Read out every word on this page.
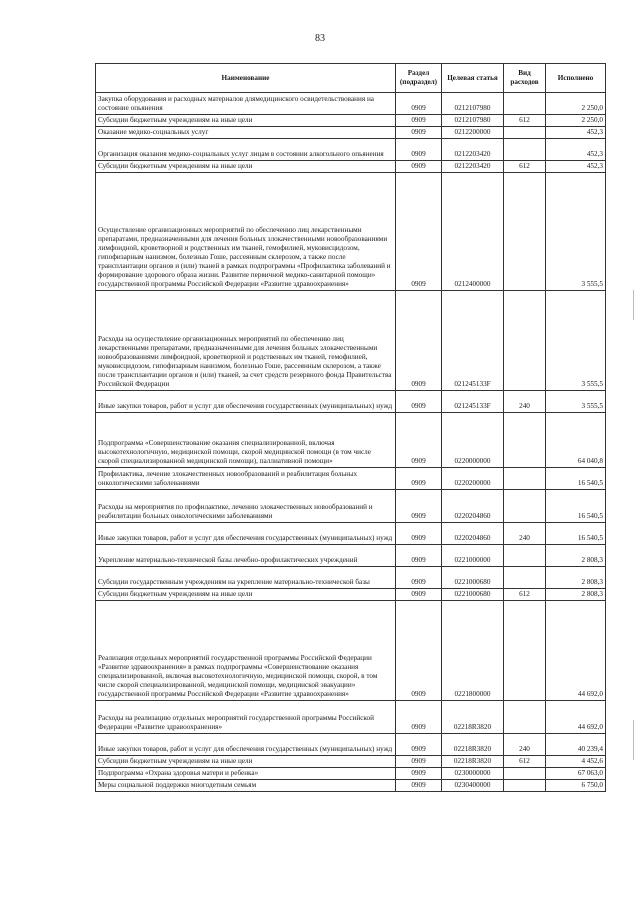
83
Наименование	Раздел (подраздел)	Целевая статья	Вид расходов	Исполнено
Закупка оборудования и расходных материалов длямедицинского освидетельствования на состояние опьянения	0909	0212107980		2 250,0
Субсидии бюджетным учреждениям на иные цели	0909	0212107980	612	2 250,0
Оказание медико-социальных услуг	0909	0212200000		452,3
Организация оказания медико-социальных услуг лицам в состоянии алкогольного опьянения	0909	0212203420		452,3
Субсидии бюджетным учреждениям на иные цели	0909	0212203420	612	452,3
Осуществление организационных мероприятий по обеспечению лиц лекарственными препаратами, предназначенными для лечения больных злокачественными новообразованиями лимфоидной, кроветворной и родственных им тканей, гемофилией, муковисцидозом, гипофизарным нанизмом, болезнью Гоше, рассеянным склерозом, а также после трансплантации органов и (или) тканей в рамках подпрограммы «Профилактика заболеваний и формирование здорового образа жизни. Развитие первичной медико-санитарной помощи» государственной программы Российской Федерации «Развитие здравоохранения»	0909	0212400000		3 555,5
Расходы на осуществление организационных мероприятий по обеспечению лиц лекарственными препаратами, предназначенными для лечения больных злокачественными новообразованиями лимфоидной, кроветворной и родственных им тканей, гемофилией, муковисцидозом, гипофизарным нанизмом, болезнью Гоше, рассеянным склерозом, а также после трансплантации органов и (или) тканей, за счет средств резервного фонда Правительства Российской Федерации	0909	021245133F		3 555,5
Иные закупки товаров, работ и услуг для обеспечения государственных (муниципальных) нужд	0909	021245133F	240	3 555,5
Подпрограмма «Совершенствование оказания специализированной, включая высокотехнологичную, медицинской помощи, скорой медицинской помощи (в том числе скорой специализированной медицинской помощи), паллиативной помощи»	0909	0220000000		64 040,8
Профилактика, лечение злокачественных новообразований и реабилитация больных онкологическими заболеваниями	0909	0220200000		16 540,5
Расходы на мероприятия по профилактике, лечению злокачественных новообразований и реабилитации больных онкологическими заболеваниями	0909	0220204860		16 540,5
Иные закупки товаров, работ и услуг для обеспечения государственных (муниципальных) нужд	0909	0220204860	240	16 540,5
Укрепление материально-технической базы лечебно-профилактических учреждений	0909	0221000000		2 808,3
Субсидии государственным учреждениям на укрепление материально-технической базы	0909	0221000680		2 808,3
Субсидии бюджетным учреждениям на иные цели	0909	0221000680	612	2 808,3
Реализация отдельных мероприятий государственной программы Российской Федерации «Развитие здравоохранения» в рамках подпрограммы «Совершенствование оказания специализированной, включая высокотехнологичную, медицинской помощи, скорой, в том числе скорой специализированной, медицинской помощи, медицинской эвакуации» государственной программы Российской Федерации «Развитие здравоохранения»	0909	0221800000		44 692,0
Расходы на реализацию отдельных мероприятий государственной программы Российской Федерации «Развитие здравоохранения»	0909	02218R3820		44 692,0
Иные закупки товаров, работ и услуг для обеспечения государственных (муниципальных) нужд	0909	02218R3820	240	40 239,4
Субсидии бюджетным учреждениям на иные цели	0909	02218R3820	612	4 452,6
Подпрограмма «Охрана здоровья матери и ребенка»	0909	0230000000		67 063,0
Меры социальной поддержки многодетным семьям	0909	0230400000		6 750,0
